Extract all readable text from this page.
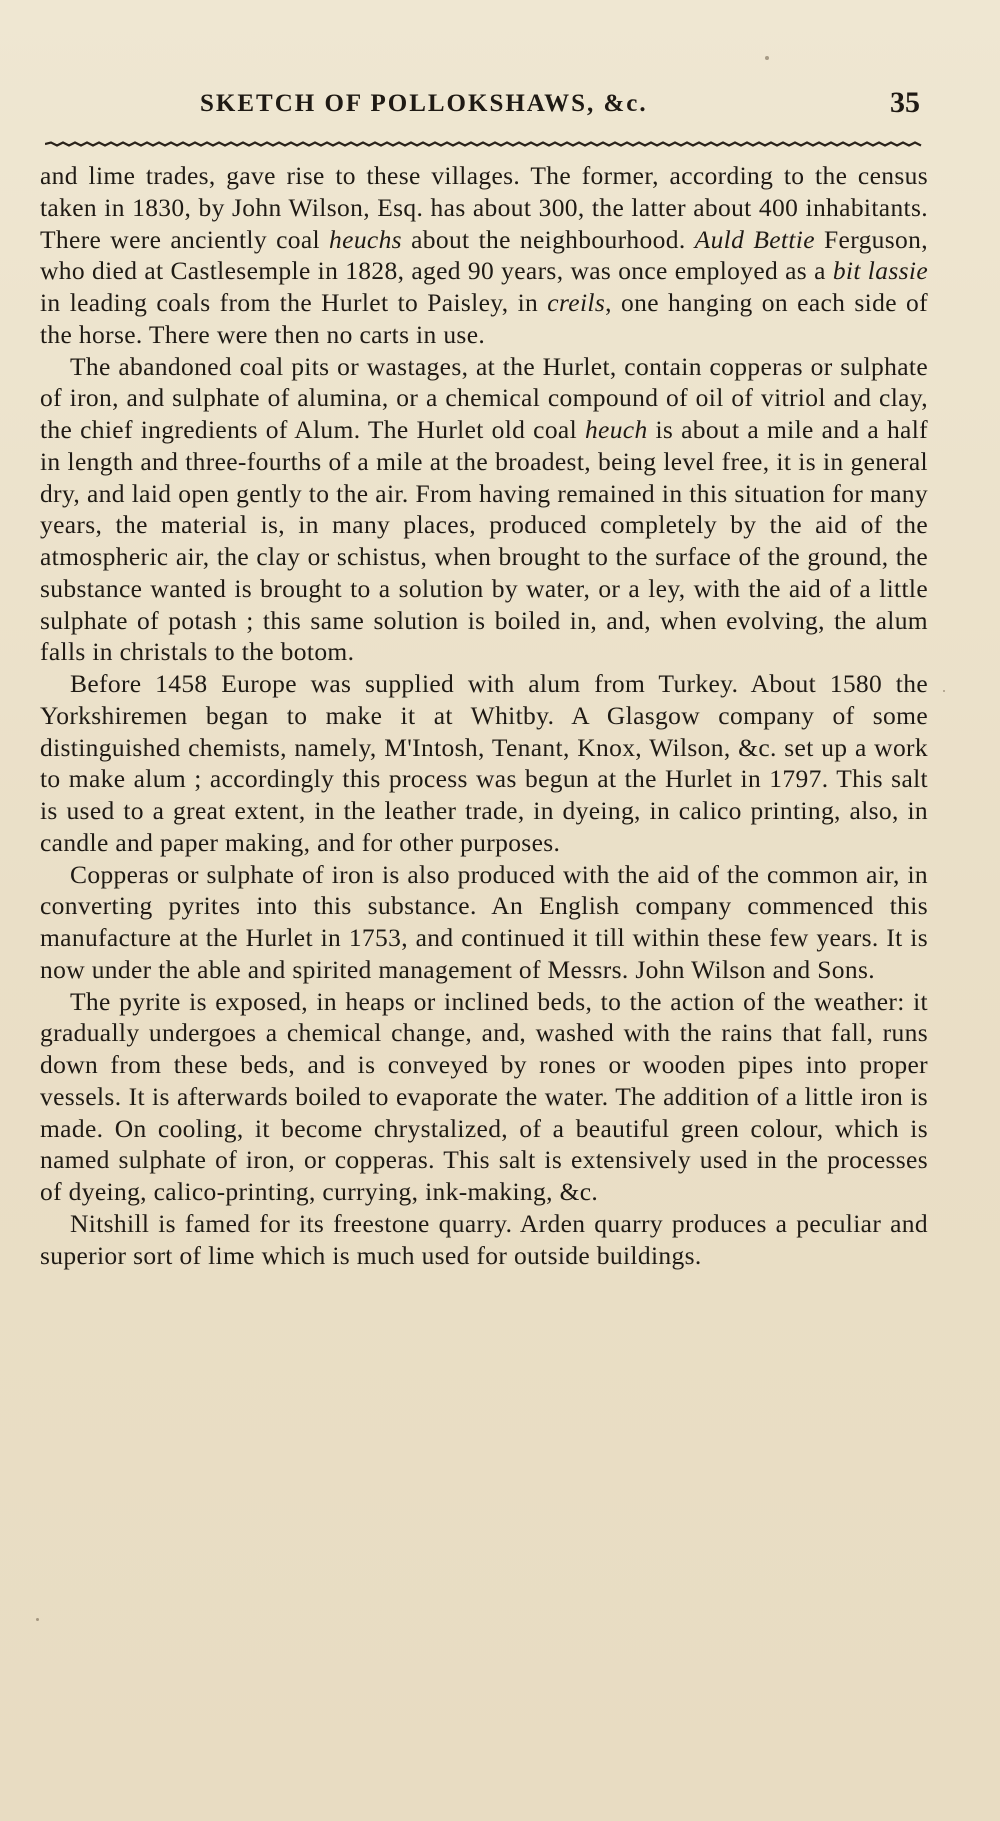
SKETCH OF POLLOKSHAWS, &c.	35

and lime trades, gave rise to these villages. The former, according to the census taken in 1830, by John Wilson, Esq. has about 300, the latter about 400 inhabitants. There were anciently coal heuchs about the neighbourhood. Auld Bettie Ferguson, who died at Castlesemple in 1828, aged 90 years, was once employed as a bit lassie in leading coals from the Hurlet to Paisley, in creils, one hanging on each side of the horse. There were then no carts in use.

The abandoned coal pits or wastages, at the Hurlet, contain copperas or sulphate of iron, and sulphate of alumina, or a chemical compound of oil of vitriol and clay, the chief ingredients of Alum. The Hurlet old coal heuch is about a mile and a half in length and three-fourths of a mile at the broadest, being level free, it is in general dry, and laid open gently to the air. From having remained in this situation for many years, the material is, in many places, produced completely by the aid of the atmospheric air, the clay or schistus, when brought to the surface of the ground, the substance wanted is brought to a solution by water, or a ley, with the aid of a little sulphate of potash ; this same solution is boiled in, and, when evolving, the alum falls in christals to the botom.

Before 1458 Europe was supplied with alum from Turkey. About 1580 the Yorkshiremen began to make it at Whitby. A Glasgow company of some distinguished chemists, namely, M'Intosh, Tenant, Knox, Wilson, &c. set up a work to make alum ; accordingly this process was begun at the Hurlet in 1797. This salt is used to a great extent, in the leather trade, in dyeing, in calico printing, also, in candle and paper making, and for other purposes.

Copperas or sulphate of iron is also produced with the aid of the common air, in converting pyrites into this substance. An English company commenced this manufacture at the Hurlet in 1753, and continued it till within these few years. It is now under the able and spirited management of Messrs. John Wilson and Sons.

The pyrite is exposed, in heaps or inclined beds, to the action of the weather: it gradually undergoes a chemical change, and, washed with the rains that fall, runs down from these beds, and is conveyed by rones or wooden pipes into proper vessels. It is afterwards boiled to evaporate the water. The addition of a little iron is made. On cooling, it become chrystalized, of a beautiful green colour, which is named sulphate of iron, or copperas. This salt is extensively used in the processes of dyeing, calico-printing, currying, ink-making, &c.

Nitshill is famed for its freestone quarry. Arden quarry produces a peculiar and superior sort of lime which is much used for outside buildings.
